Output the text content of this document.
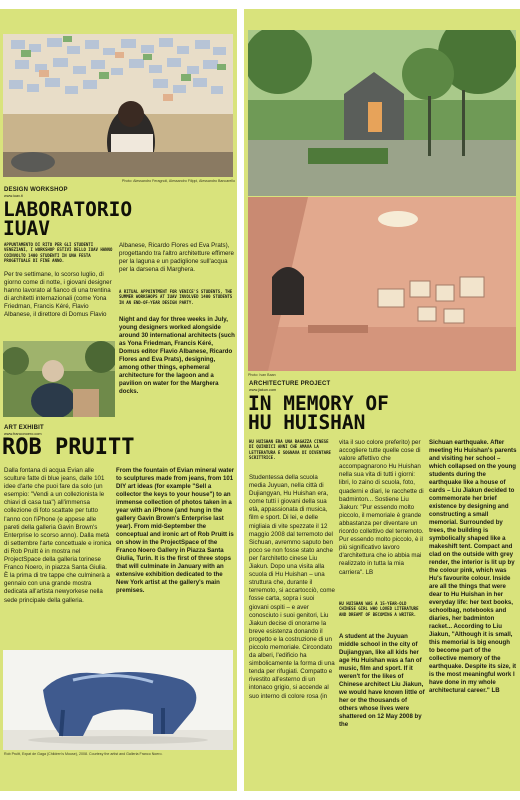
Photo: Alessandro Feragnoli, Alessandro Filippi, Alessandro Bancarello
DESIGN WORKSHOP
www.iuav.it
LABORATORIO
IUAV
APPUNTAMENTO DI RITO PER GLI STUDENTI VENEZIANI, I WORKSHOP ESTIVI DELLO IUAV HANNO COINVOLTO 1400 STUDENTI IN UNA FESTA PROGETTUALE DI FINE ANNO.
Per tre settimane, lo scorso luglio, di giorno come di notte, i giovani designer hanno lavorato al fianco di una trentina di architetti internazionali (come Yona Friedman, Francis Kéré, Flavio Albanese, il direttore di Domus Flavio
Albanese, Ricardo Flores ed Eva Prats), progettando tra l'altro architetture effimere per la laguna e un padiglione sull'acqua per la darsena di Marghera.
A RITUAL APPOINTMENT FOR VENICE'S STUDENTS, THE SUMMER WORKSHOPS AT IUAV INVOLVED 1400 STUDENTS IN AN END-OF-YEAR DESIGN PARTY.
Night and day for three weeks in July, young designers worked alongside around 30 international architects (such as Yona Friedman, Francis Kéré, Domus editor Flavio Albanese, Ricardo Flores and Eva Prats), designing, among other things, ephemeral architecture for the lagoon and a pavilion on water for the Marghera docks.
ART EXHIBIT
www.franconoero.com
ROB PRUITT
Dalla fontana di acqua Evian alle sculture fatte di blue jeans, dalle 101 idee d'arte che puoi fare da solo (un esempio: "Vendi a un collezionista le chiavi di casa tua") all'immensa collezione di foto scattate per tutto l'anno con l'iPhone (e appese alle pareti della galleria Gavin Brown's Enterprise lo scorso anno). Dalla metà di settembre l'arte concettuale e ironica di Rob Pruitt è in mostra nel ProjectSpace della galleria torinese Franco Noero, in piazza Santa Giulia. È la prima di tre tappe che culminerà a gennaio con una grande mostra dedicata all'artista newyorkese nella sede principale della galleria.
From the fountain of Evian mineral water to sculptures made from jeans, from 101 DIY art ideas (for example "Sell a collector the keys to your house") to an immense collection of photos taken in a year with an iPhone (and hung in the gallery Gavin Brown's Enterprise last year). From mid-September the conceptual and ironic art of Rob Pruitt is on show in the ProjectSpace of the Franco Noero Gallery in Piazza Santa Giulia, Turin. It is the first of three stops that will culminate in January with an extensive exhibition dedicated to the New York artist at the gallery's main premises.
Rob Pruitt, Expat de Gaga (Children's Mouse), 2008. Courtesy the artist and Galleria Franco Noero.
Photo: Ivan Baan
ARCHITECTURE PROJECT
www.jiakun.com
IN MEMORY OF
HU HUISHAN
HU HUISHAN ERA UNA RAGAZZA CINESE DI QUINDICI ANNI CHE AMAVA LA LETTERATURA E SOGNAVA DI DIVENTARE SCRITTRICE.
Studentessa della scuola media Juyuan, nella città di Dujiangyan, Hu Huishan era, come tutti i giovani della sua età, appassionata di musica, film e sport. Di lei, e delle migliaia di vite spezzate il 12 maggio 2008 dal terremoto del Sichuan, avremmo saputo ben poco se non fosse stato anche per l'architetto cinese Liu Jiakun. Dopo una visita alla scuola di Hu Huishan – una struttura che, durante il terremoto, si accartocciò, come fosse carta, sopra i suoi giovani ospiti – e aver conosciuto i suoi genitori, Liu Jiakun decise di onorarne la breve esistenza donando il progetto e la costruzione di un piccolo memoriale. Circondato da alberi, l'edificio ha simbolicamente la forma di una tenda per rifugiati. Compatto e rivestito all'esterno di un intonaco grigio, si accende al suo interno di colore rosa (in
vita il suo colore preferito) per accogliere tutte quelle cose di valore affettivo che accompagnarono Hu Huishan nella sua vita di tutti i giorni: libri, lo zaino di scuola, foto, quaderni e diari, le racchette di badminton... Sostiene Liu Jiakun: "Pur essendo molto piccolo, il memoriale è grande abbastanza per diventare un ricordo collettivo del terremoto. Pur essendo molto piccolo, è il più significativo lavoro d'architettura che io abbia mai realizzato in tutta la mia carriera". LB
HU HUISHAN WAS A 15-YEAR-OLD CHINESE GIRL WHO LOVED LITERATURE AND DREAMT OF BECOMING A WRITER.
A student at the Juyuan middle school in the city of Dujiangyan, like all kids her age Hu Huishan was a fan of music, film and sport. If it weren't for the likes of Chinese architect Liu Jiakun, we would have known little of her or the thousands of others whose lives were shattered on 12 May 2008 by the
Sichuan earthquake. After meeting Hu Huishan's parents and visiting her school – which collapsed on the young students during the earthquake like a house of cards – Liu Jiakun decided to commemorate her brief existence by designing and constructing a small memorial. Surrounded by trees, the building is symbolically shaped like a makeshift tent. Compact and clad on the outside with grey render, the interior is lit up by the colour pink, which was Hu's favourite colour. Inside are all the things that were dear to Hu Huishan in her everyday life: her text books, schoolbag, notebooks and diaries, her badminton racket... According to Liu Jiakun, "Although it is small, this memorial is big enough to become part of the collective memory of the earthquake. Despite its size, it is the most meaningful work I have done in my whole architectural career." LB
